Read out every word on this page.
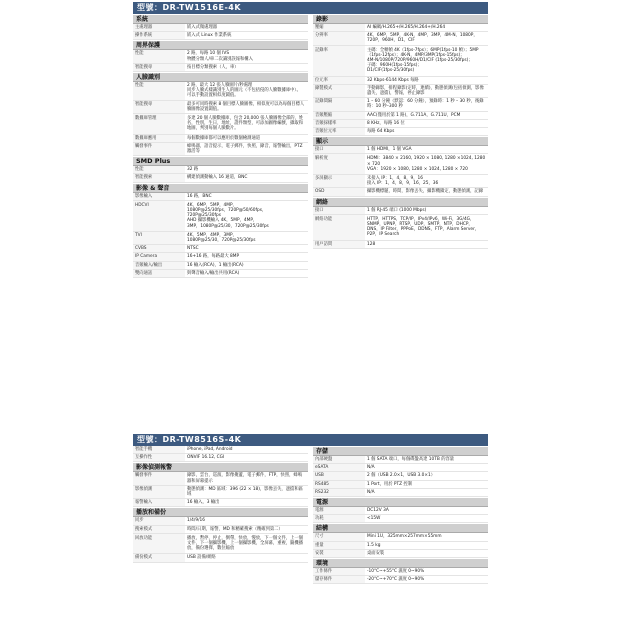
型號：DR-TW1516E-4K
系統
主處理器	嵌入式微處理器
操作系統	嵌入式 Linux 作業系統
周界保護
性能	2 路，每路 10 個 IVS
物體分類人/車二次識別誤報和構入
智能搜尋	按目標分類搜索（人，車）
人臉識別
性能	2 路，最大 12 張人臉圖片/秒處理
同步人臉式樣識別生人的圖元（不包括侵的人臉數據庫中）。
可以手動設置相似度閾值。
智能搜尋	最多可同時搜索 8 個目標人臉圖像，相似度可以為每個目標人臉圖像設置閾值。
數據庫管理	多達 20 個人臉數據庫，包含 20,000 張人臉圖像全部的，姓名，性別，生日，地址，證件類型，可添加圖像編號，擷取和地圖，判別每個人臉數片。
數據庫應用	每個數據庫都可以應用於數個檢測通道
觸發事件	蜂鳴器，語音提示，電子郵件，快照，錄音，報警輸出，PTZ 激活等
SMD Plus
性能	32 路
智能搜索	構建偵測動輸入 16 通道，BNC
影像 & 聲音
影像輸入	16 路，BNC
HDCVI	4K，6MP，5MP，4MP，
1080P@25/30fps，720P@50/60fps，
720P@25/30fps
AHD 攝影機輸入 4K，5MP，4MP，
3MP，1080P@25/30，720P@25/30fps
TVI	4K，5MP，4MP，3MP，
1080P@25/30，720P@25/30fps
CVBS	NTSC
IP Camera	16+16 路，每路最大 8MP
音頻輸入/輸出	16 輸入(RCA)，1 輸出(RCA)
雙向通話	與聲音輸入/輸出共用(RCA)
錄影
壓縮	AI 編碼/H.265+/H.265/H.264+/H.264
分辨率	4K，6MP，5MP，4K-N，4MP，3MP，4M-N，1080P，720P，960H，D1，CIF
記錄率	主碼：全幀幀 4K（1fps-7fps）；6MP(1fps-10 幀）；5MP（1fps-12fps）；4K-N，4MP/3MP(1fps-15fps)；
4M-N/1080P/720P/960H/D1/CIF (1fps-25/30fps)；
子碼：960H(1fps-15fps)；
D1/CIF(1fps-25/30fps)
位元率	32 Kbps-6144 Kbps 每路
錄製模式	手動錄影，排程錄影(定時，連續)，動態偵測(包括偵測，影像遺失，遮擋)，警報，停止錄影
記錄間隔	1 – 60 分鐘（默認：60 分鐘），預錄時：1 秒 – 30 秒，後錄時：10 秒–300 秒
音頻壓縮	AAC(僅用於第 1 路)，G.711A，G.711U，PCM
音頻採樣率	8 KHz，每路 16 位
音頻位元率	每路 64 Kbps
顯示
接口	1 個 HDMI，1 個 VGA
解析度	HDMI：3840 × 2160, 1920 × 1080, 1280 ×1024, 1280 × 720
VGA：1920 × 1080, 1280 × 1024, 1280 × 720
多屏顯示	未接入 IP：1，4，8，9，16
接入 IP：1，4，8，9，16，25，36
OSD	攝影機標題，時間，影像丟失，攝影機鎖定，動態偵測，記錄
網絡
接口	1 個 RJ-45 端口 (1000 Mbps)
網絡功能	HTTP，HTTPS，TCP/IP，IPv4/IPv6，Wi-Fi，3G/4G，SNMP，UPNP，RTSP，UDP，SMTP，NTP，DHCP，DNS，IP Filter，PPPoE，DDNS，FTP，Alarm Server，P2P，IP Search
用戶訪問	128
型號：DR-TW8516S-4K
智能手機	iPhone, iPad, Android
互操作性	ONVIF 16.12, CGI
影像偵測報警
觸發事件	錄影，雲台，巡演，影像掩蓋，電子郵件，FTP，快照，蜂鳴器和屏幕提示
影像偵測	動態偵測：MD 區域：396 (22 × 18)，影像丟失，遮擋和區域
報警輸入	16 輸入，3 輸出
播放和備份
同步	1/4/9/16
搜索模式	時間/日期，報警，MD 和精確搜索（精確到第二）
回放功能	播放，暫停，停止，倒帶，快放，慢放，下一個文件，上一個文件，下一個攝影機，上一個攝影機，全屏幕，重複，隨機播放，備份選擇，數位縮放
備份模式	USB 設備/網絡
存儲
內部硬盤	1 個 SATA 端口，每個碟盤高達 10TB 的容量
eSATA	N/A
USB	2 個（USB 2.0×1，USB 3.0×1）
RS485	1 Port，用於 PTZ 控制
RS232	N/A
電源
電源	DC12V 3A
功耗	<15W
結構
尺寸	Mini 1U，325mm×257mm×55mm
重量	1.5 kg
安裝	桌面安裝
環境
工作條件	-10°C~+55°C 濕度 0~90%
儲存條件	-20°C~+70°C 濕度 0~90%
